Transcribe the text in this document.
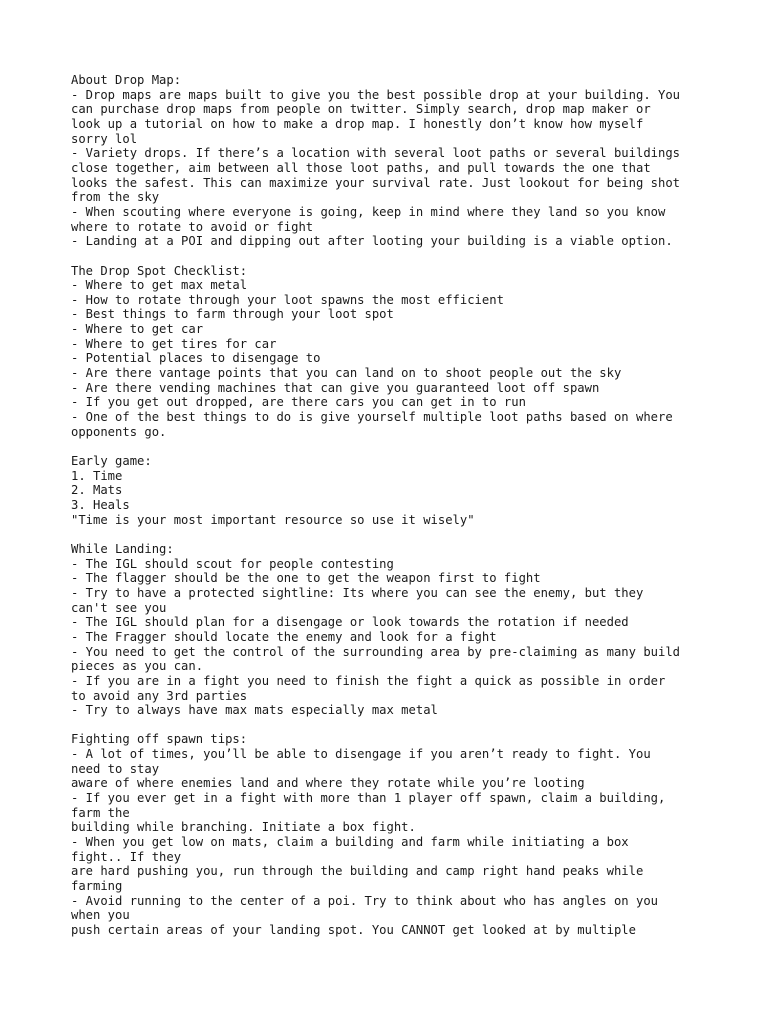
About Drop Map:
- Drop maps are maps built to give you the best possible drop at your building. You
can purchase drop maps from people on twitter. Simply search, drop map maker or
look up a tutorial on how to make a drop map. I honestly don’t know how myself
sorry lol
- Variety drops. If there’s a location with several loot paths or several buildings
close together, aim between all those loot paths, and pull towards the one that
looks the safest. This can maximize your survival rate. Just lookout for being shot
from the sky
- When scouting where everyone is going, keep in mind where they land so you know
where to rotate to avoid or fight
- Landing at a POI and dipping out after looting your building is a viable option.
The Drop Spot Checklist:
- Where to get max metal
- How to rotate through your loot spawns the most efficient
- Best things to farm through your loot spot
- Where to get car
- Where to get tires for car
- Potential places to disengage to
- Are there vantage points that you can land on to shoot people out the sky
- Are there vending machines that can give you guaranteed loot off spawn
- If you get out dropped, are there cars you can get in to run
- One of the best things to do is give yourself multiple loot paths based on where
opponents go.
Early game:
1. Time
2. Mats
3. Heals
"Time is your most important resource so use it wisely"
While Landing:
- The IGL should scout for people contesting
- The flagger should be the one to get the weapon first to fight
- Try to have a protected sightline: Its where you can see the enemy, but they
can't see you
- The IGL should plan for a disengage or look towards the rotation if needed
- The Fragger should locate the enemy and look for a fight
- You need to get the control of the surrounding area by pre-claiming as many build
pieces as you can.
- If you are in a fight you need to finish the fight a quick as possible in order
to avoid any 3rd parties
- Try to always have max mats especially max metal
Fighting off spawn tips:
- A lot of times, you’ll be able to disengage if you aren’t ready to fight. You
need to stay
aware of where enemies land and where they rotate while you’re looting
- If you ever get in a fight with more than 1 player off spawn, claim a building,
farm the
building while branching. Initiate a box fight.
- When you get low on mats, claim a building and farm while initiating a box
fight.. If they
are hard pushing you, run through the building and camp right hand peaks while
farming
- Avoid running to the center of a poi. Try to think about who has angles on you
when you
push certain areas of your landing spot. You CANNOT get looked at by multiple
